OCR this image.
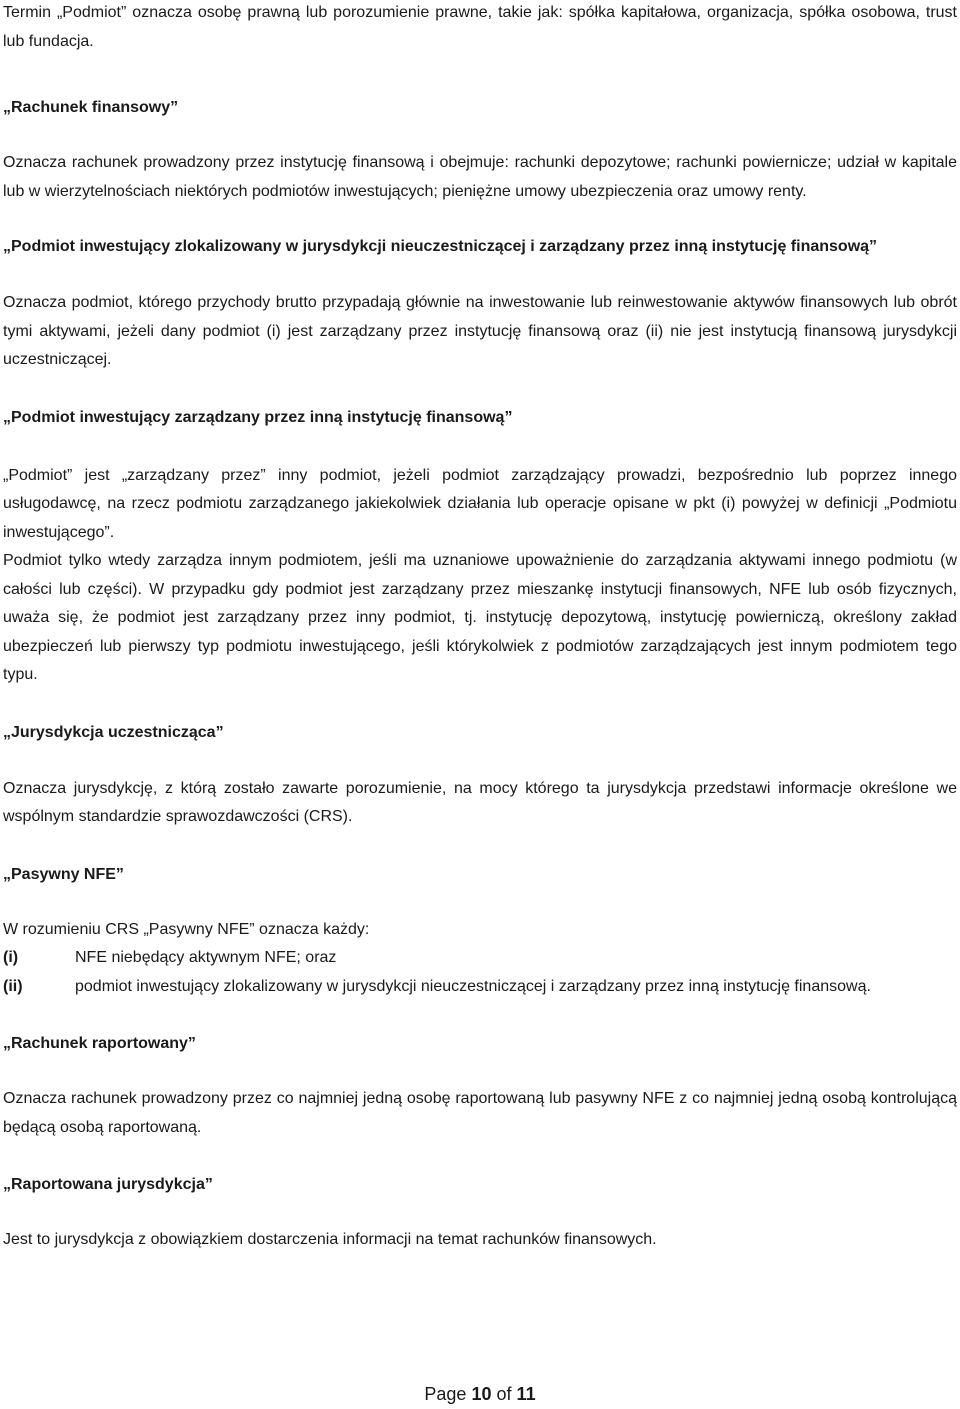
Termin „Podmiot” oznacza osobę prawną lub porozumienie prawne, takie jak: spółka kapitałowa, organizacja, spółka osobowa, trust lub fundacja.

„Rachunek finansowy”

Oznacza rachunek prowadzony przez instytucję finansową i obejmuje: rachunki depozytowe; rachunki powiernicze; udział w kapitale lub w wierzytelnościach niektórych podmiotów inwestujących; pieniężne umowy ubezpieczenia oraz umowy renty.

„Podmiot inwestujący zlokalizowany w jurysdykcji nieuczestniczącej i zarządzany przez inną instytucję finansową”

Oznacza podmiot, którego przychody brutto przypadają głównie na inwestowanie lub reinwestowanie aktywów finansowych lub obrót tymi aktywami, jeżeli dany podmiot (i) jest zarządzany przez instytucję finansową oraz (ii) nie jest instytucją finansową jurysdykcji uczestniczącej.

„Podmiot inwestujący zarządzany przez inną instytucję finansową”

„Podmiot” jest „zarządzany przez” inny podmiot, jeżeli podmiot zarządzający prowadzi, bezpośrednio lub poprzez innego usługodawcę, na rzecz podmiotu zarządzanego jakiekolwiek działania lub operacje opisane w pkt (i) powyżej w definicji „Podmiotu inwestującego”.

Podmiot tylko wtedy zarządza innym podmiotem, jeśli ma uznaniowe upoważnienie do zarządzania aktywami innego podmiotu (w całości lub części). W przypadku gdy podmiot jest zarządzany przez mieszankę instytucji finansowych, NFE lub osób fizycznych, uważa się, że podmiot jest zarządzany przez inny podmiot, tj. instytucję depozytową, instytucję powierniczą, określony zakład ubezpieczeń lub pierwszy typ podmiotu inwestującego, jeśli którykolwiek z podmiotów zarządzających jest innym podmiotem tego typu.

„Jurysdykcja uczestnicząca”

Oznacza jurysdykcję, z którą zostało zawarte porozumienie, na mocy którego ta jurysdykcja przedstawi informacje określone we wspólnym standardzie sprawozdawczości (CRS).

„Pasywny NFE”

W rozumieniu CRS „Pasywny NFE” oznacza każdy:

(i)	NFE niebędący aktywnym NFE; oraz
(ii)	podmiot inwestujący zlokalizowany w jurysdykcji nieuczestniczącej i zarządzany przez inną instytucję finansową.

„Rachunek raportowany”

Oznacza rachunek prowadzony przez co najmniej jedną osobę raportowaną lub pasywny NFE z co najmniej jedną osobą kontrolującą będącą osobą raportowaną.

„Raportowana jurysdykcja”

Jest to jurysdykcja z obowiązkiem dostarczenia informacji na temat rachunków finansowych.

Page 10 of 11
